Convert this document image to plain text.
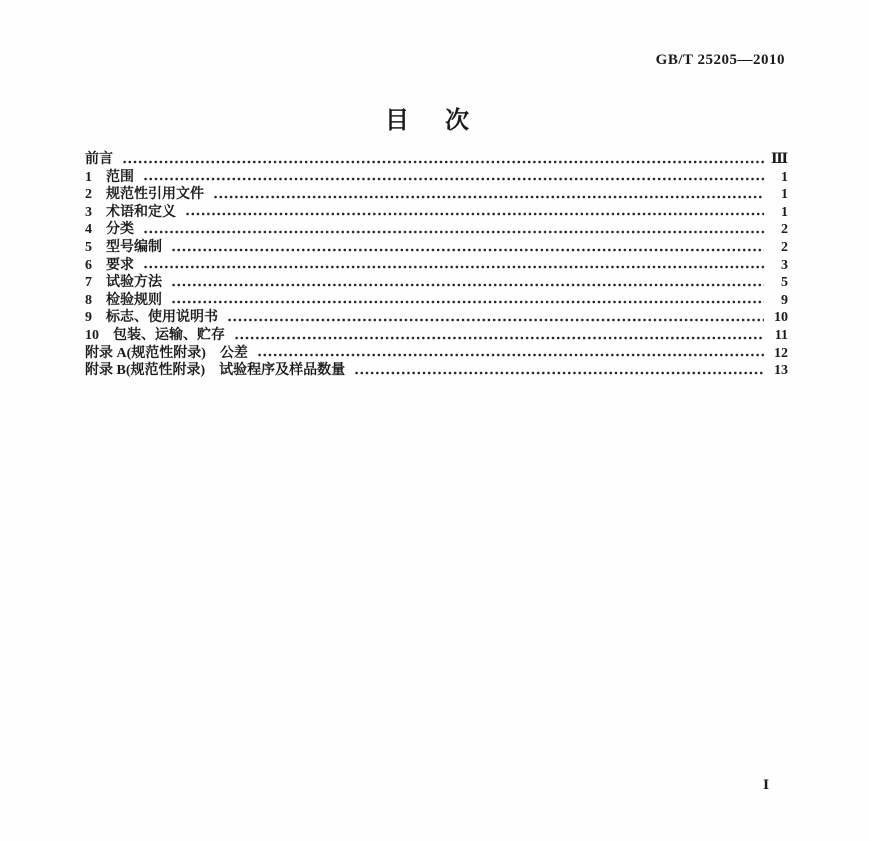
GB/T 25205—2010
目　次
前言	Ⅲ
1 范围	1
2 规范性引用文件	1
3 术语和定义	1
4 分类	2
5 型号编制	2
6 要求	3
7 试验方法	5
8 检验规则	9
9 标志、使用说明书	10
10 包装、运输、贮存	11
附录 A(规范性附录) 公差	12
附录 B(规范性附录) 试验程序及样品数量	13
Ⅰ
